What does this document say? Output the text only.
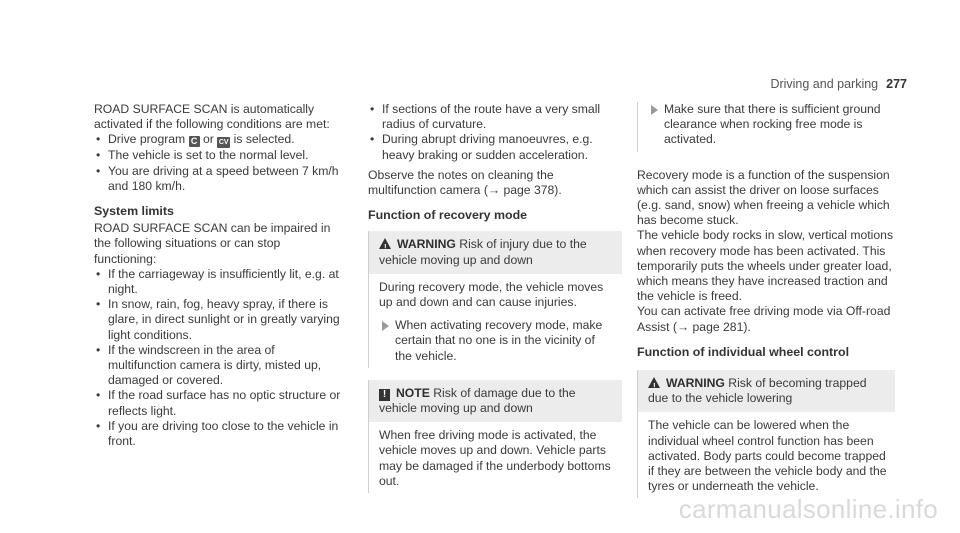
Driving and parking 277

ROAD SURFACE SCAN is automatically activated if the following conditions are met:

• Drive program C or CV is selected.
• The vehicle is set to the normal level.
• You are driving at a speed between 7 km/h and 180 km/h.
System limits

ROAD SURFACE SCAN can be impaired in the following situations or can stop functioning:

• If the carriageway is insufficiently lit, e.g. at night.
• In snow, rain, fog, heavy spray, if there is glare, in direct sunlight or in greatly varying light conditions.
• If the windscreen in the area of multifunction camera is dirty, misted up, damaged or covered.
• If the road surface has no optic structure or reflects light.
• If you are driving too close to the vehicle in front.
• If sections of the route have a very small radius of curvature.
• During abrupt driving manoeuvres, e.g. heavy braking or sudden acceleration.

Observe the notes on cleaning the multifunction camera (→ page 378).

Function of recovery mode
! WARNING Risk of injury due to the vehicle moving up and down

During recovery mode, the vehicle moves up and down and can cause injuries.

When activating recovery mode, make certain that no one is in the vicinity of the vehicle.
! NOTE Risk of damage due to the vehicle moving up and down

When free driving mode is activated, the vehicle moves up and down. Vehicle parts may be damaged if the underbody bottoms out.

Make sure that there is sufficient ground clearance when rocking free mode is activated.

Recovery mode is a function of the suspension which can assist the driver on loose surfaces (e.g. sand, snow) when freeing a vehicle which has become stuck.

The vehicle body rocks in slow, vertical motions when recovery mode has been activated. This temporarily puts the wheels under greater load, which means they have increased traction and the vehicle is freed.

You can activate free driving mode via Off-road Assist (→ page 281).

Function of individual wheel control
! WARNING Risk of becoming trapped due to the vehicle lowering

The vehicle can be lowered when the individual wheel control function has been activated. Body parts could become trapped if they are between the vehicle body and the tyres or underneath the vehicle.

carmanualsonline.info
